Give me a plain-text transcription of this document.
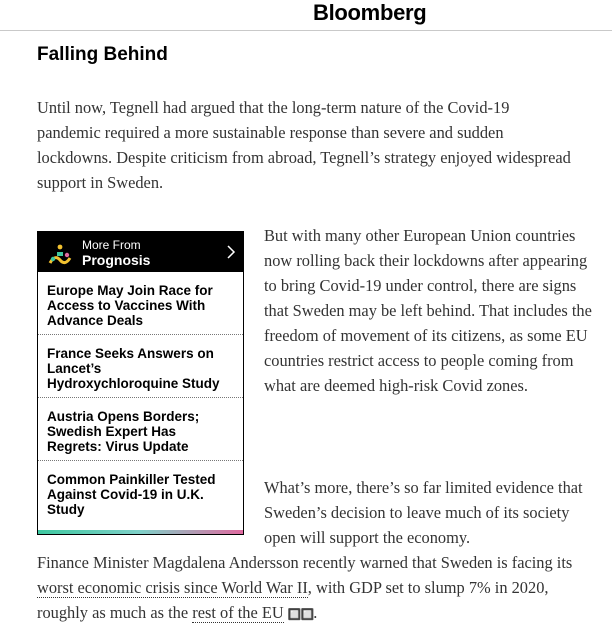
Bloomberg
Falling Behind

Until now, Tegnell had argued that the long-term nature of the Covid-19 pandemic required a more sustainable response than severe and sudden lockdowns. Despite criticism from abroad, Tegnell’s strategy enjoyed widespread support in Sweden.

More From
Prognosis
Europe May Join Race for Access to Vaccines With Advance Deals
France Seeks Answers on Lancet’s Hydroxychloroquine Study
Austria Opens Borders; Swedish Expert Has Regrets: Virus Update
Common Painkiller Tested Against Covid-19 in U.K. Study

But with many other European Union countries now rolling back their lockdowns after appearing to bring Covid-19 under control, there are signs that Sweden may be left behind. That includes the freedom of movement of its citizens, as some EU countries restrict access to people coming from what are deemed high-risk Covid zones.

What’s more, there’s so far limited evidence that Sweden’s decision to leave much of its society open will support the economy.

Finance Minister Magdalena Andersson recently warned that Sweden is facing its worst economic crisis since World War II, with GDP set to slump 7% in 2020, roughly as much as the rest of the EU 🔲🔲.
